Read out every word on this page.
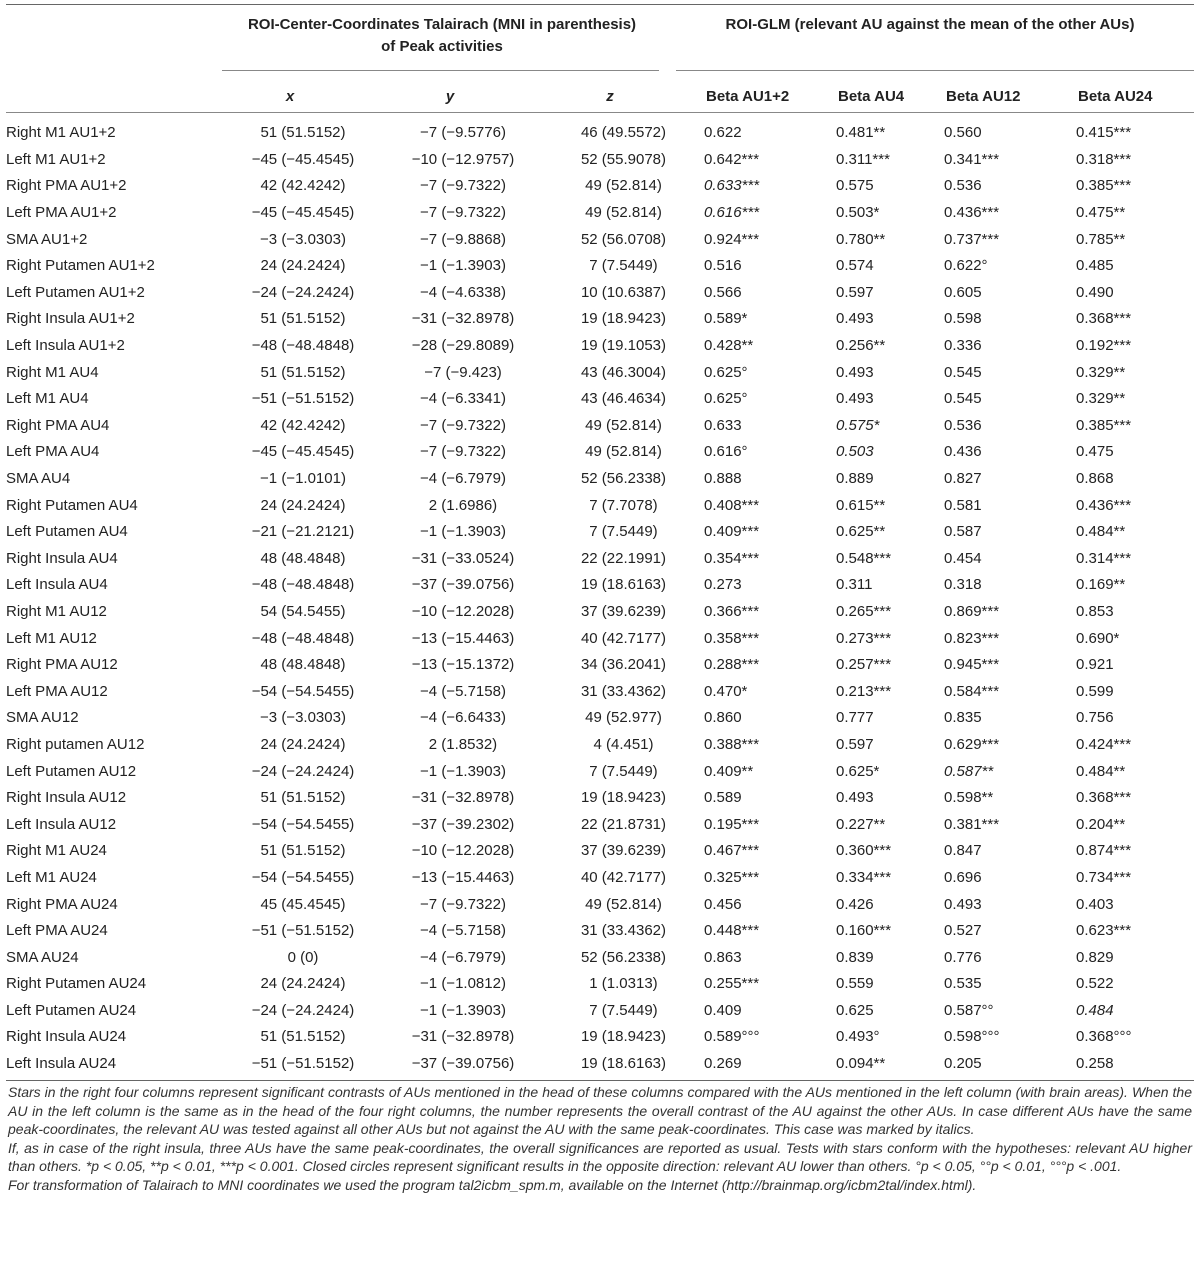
ROI-Center-Coordinates Talairach (MNI in parenthesis) of Peak activities
ROI-GLM (relevant AU against the mean of the other AUs)
x	y	z	Beta AU1+2	Beta AU4	Beta AU12	Beta AU24
Right M1 AU1+2	51 (51.5152)	−7 (−9.5776)	46 (49.5572)	0.622	0.481**	0.560	0.415***
Left M1 AU1+2	−45 (−45.4545)	−10 (−12.9757)	52 (55.9078)	0.642***	0.311***	0.341***	0.318***
Right PMA AU1+2	42 (42.4242)	−7 (−9.7322)	49 (52.814)	0.633***	0.575	0.536	0.385***
Left PMA AU1+2	−45 (−45.4545)	−7 (−9.7322)	49 (52.814)	0.616***	0.503*	0.436***	0.475**
SMA AU1+2	−3 (−3.0303)	−7 (−9.8868)	52 (56.0708)	0.924***	0.780**	0.737***	0.785**
Right Putamen AU1+2	24 (24.2424)	−1 (−1.3903)	7 (7.5449)	0.516	0.574	0.622°	0.485
Left Putamen AU1+2	−24 (−24.2424)	−4 (−4.6338)	10 (10.6387)	0.566	0.597	0.605	0.490
Right Insula AU1+2	51 (51.5152)	−31 (−32.8978)	19 (18.9423)	0.589*	0.493	0.598	0.368***
Left Insula AU1+2	−48 (−48.4848)	−28 (−29.8089)	19 (19.1053)	0.428**	0.256**	0.336	0.192***
Right M1 AU4	51 (51.5152)	−7 (−9.423)	43 (46.3004)	0.625°	0.493	0.545	0.329**
Left M1 AU4	−51 (−51.5152)	−4 (−6.3341)	43 (46.4634)	0.625°	0.493	0.545	0.329**
Right PMA AU4	42 (42.4242)	−7 (−9.7322)	49 (52.814)	0.633	0.575*	0.536	0.385***
Left PMA AU4	−45 (−45.4545)	−7 (−9.7322)	49 (52.814)	0.616°	0.503	0.436	0.475
SMA AU4	−1 (−1.0101)	−4 (−6.7979)	52 (56.2338)	0.888	0.889	0.827	0.868
Right Putamen AU4	24 (24.2424)	2 (1.6986)	7 (7.7078)	0.408***	0.615**	0.581	0.436***
Left Putamen AU4	−21 (−21.2121)	−1 (−1.3903)	7 (7.5449)	0.409***	0.625**	0.587	0.484**
Right Insula AU4	48 (48.4848)	−31 (−33.0524)	22 (22.1991)	0.354***	0.548***	0.454	0.314***
Left Insula AU4	−48 (−48.4848)	−37 (−39.0756)	19 (18.6163)	0.273	0.311	0.318	0.169**
Right M1 AU12	54 (54.5455)	−10 (−12.2028)	37 (39.6239)	0.366***	0.265***	0.869***	0.853
Left M1 AU12	−48 (−48.4848)	−13 (−15.4463)	40 (42.7177)	0.358***	0.273***	0.823***	0.690*
Right PMA AU12	48 (48.4848)	−13 (−15.1372)	34 (36.2041)	0.288***	0.257***	0.945***	0.921
Left PMA AU12	−54 (−54.5455)	−4 (−5.7158)	31 (33.4362)	0.470*	0.213***	0.584***	0.599
SMA AU12	−3 (−3.0303)	−4 (−6.6433)	49 (52.977)	0.860	0.777	0.835	0.756
Right putamen AU12	24 (24.2424)	2 (1.8532)	4 (4.451)	0.388***	0.597	0.629***	0.424***
Left Putamen AU12	−24 (−24.2424)	−1 (−1.3903)	7 (7.5449)	0.409**	0.625*	0.587**	0.484**
Right Insula AU12	51 (51.5152)	−31 (−32.8978)	19 (18.9423)	0.589	0.493	0.598**	0.368***
Left Insula AU12	−54 (−54.5455)	−37 (−39.2302)	22 (21.8731)	0.195***	0.227**	0.381***	0.204**
Right M1 AU24	51 (51.5152)	−10 (−12.2028)	37 (39.6239)	0.467***	0.360***	0.847	0.874***
Left M1 AU24	−54 (−54.5455)	−13 (−15.4463)	40 (42.7177)	0.325***	0.334***	0.696	0.734***
Right PMA AU24	45 (45.4545)	−7 (−9.7322)	49 (52.814)	0.456	0.426	0.493	0.403
Left PMA AU24	−51 (−51.5152)	−4 (−5.7158)	31 (33.4362)	0.448***	0.160***	0.527	0.623***
SMA AU24	0 (0)	−4 (−6.7979)	52 (56.2338)	0.863	0.839	0.776	0.829
Right Putamen AU24	24 (24.2424)	−1 (−1.0812)	1 (1.0313)	0.255***	0.559	0.535	0.522
Left Putamen AU24	−24 (−24.2424)	−1 (−1.3903)	7 (7.5449)	0.409	0.625	0.587°°	0.484
Right Insula AU24	51 (51.5152)	−31 (−32.8978)	19 (18.9423)	0.589°°°	0.493°	0.598°°°	0.368°°°
Left Insula AU24	−51 (−51.5152)	−37 (−39.0756)	19 (18.6163)	0.269	0.094**	0.205	0.258

Stars in the right four columns represent significant contrasts of AUs mentioned in the head of these columns compared with the AUs mentioned in the left column (with brain areas). When the AU in the left column is the same as in the head of the four right columns, the number represents the overall contrast of the AU against the other AUs. In case different AUs have the same peak-coordinates, the relevant AU was tested against all other AUs but not against the AU with the same peak-coordinates. This case was marked by italics.

If, as in case of the right insula, three AUs have the same peak-coordinates, the overall significances are reported as usual. Tests with stars conform with the hypotheses: relevant AU higher than others. *p < 0.05, **p < 0.01, ***p < 0.001. Closed circles represent significant results in the opposite direction: relevant AU lower than others. °p < 0.05, °°p < 0.01, °°°p < .001.

For transformation of Talairach to MNI coordinates we used the program tal2icbm_spm.m, available on the Internet (http://brainmap.org/icbm2tal/index.html).
